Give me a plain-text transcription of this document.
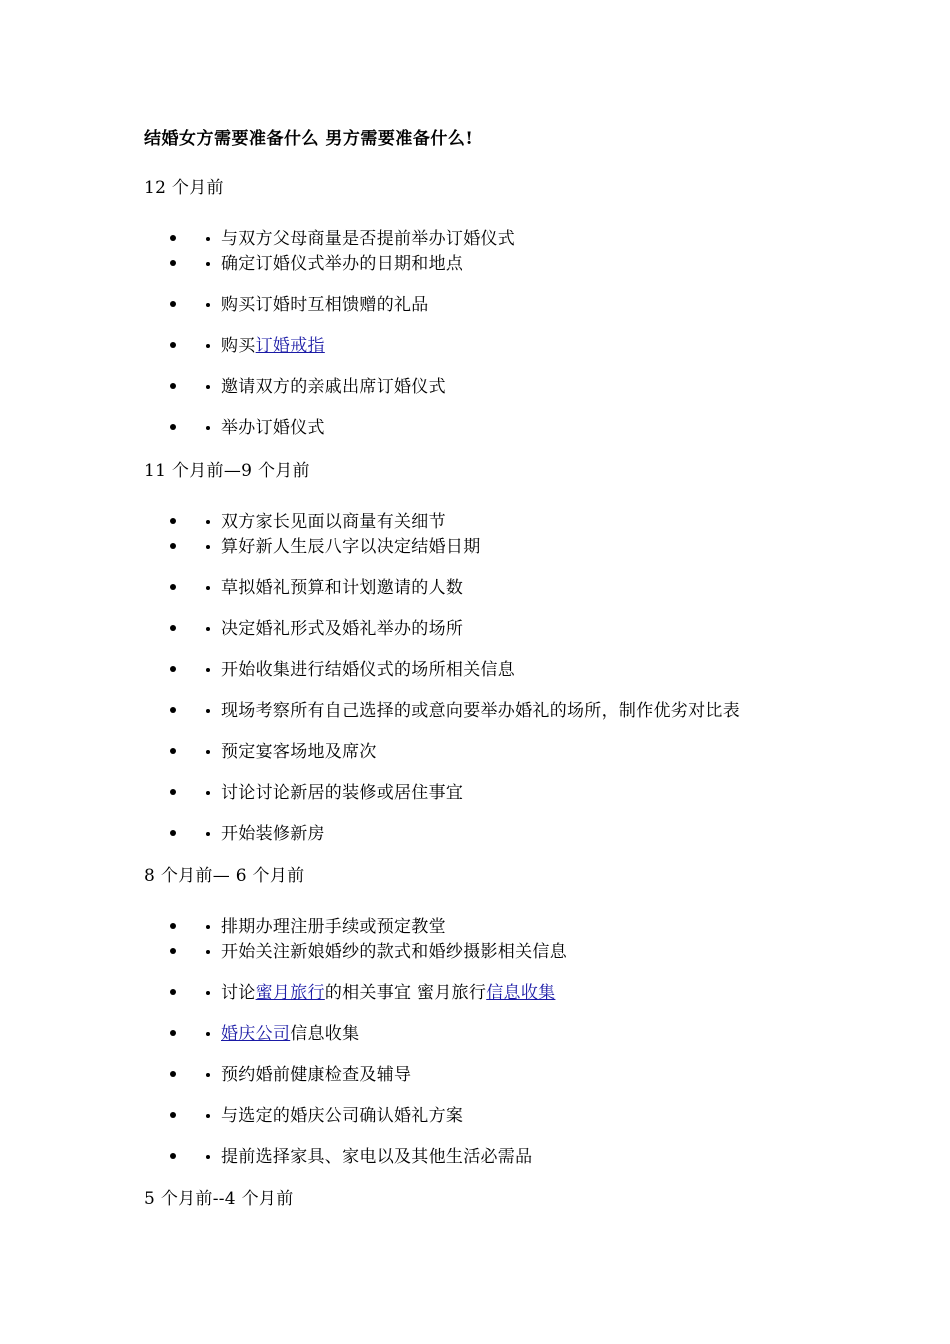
结婚女方需要准备什么 男方需要准备什么!
12 个月前
与双方父母商量是否提前举办订婚仪式
确定订婚仪式举办的日期和地点
购买订婚时互相馈赠的礼品
购买订婚戒指
邀请双方的亲戚出席订婚仪式
举办订婚仪式
11 个月前—9 个月前
双方家长见面以商量有关细节
算好新人生辰八字以决定结婚日期
草拟婚礼预算和计划邀请的人数
决定婚礼形式及婚礼举办的场所
开始收集进行结婚仪式的场所相关信息
现场考察所有自己选择的或意向要举办婚礼的场所，制作优劣对比表
预定宴客场地及席次
讨论讨论新居的装修或居住事宜
开始装修新房
8 个月前— 6 个月前
排期办理注册手续或预定教堂
开始关注新娘婚纱的款式和婚纱摄影相关信息
讨论蜜月旅行的相关事宜 蜜月旅行信息收集
婚庆公司信息收集
预约婚前健康检查及辅导
与选定的婚庆公司确认婚礼方案
提前选择家具、家电以及其他生活必需品
5 个月前--4 个月前
